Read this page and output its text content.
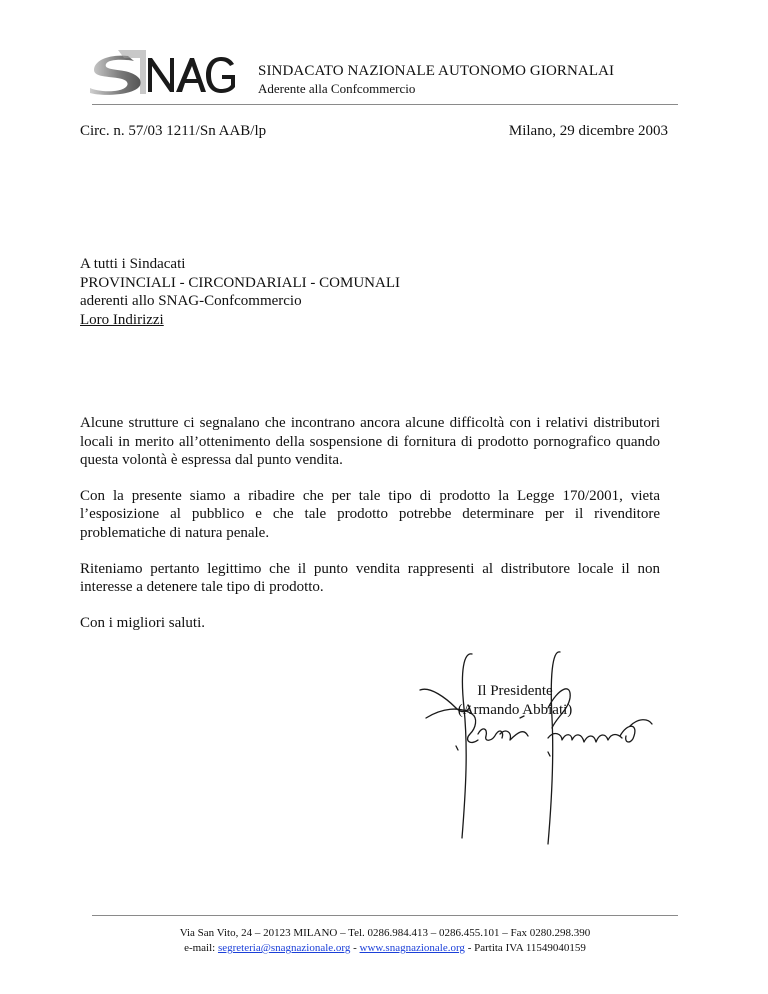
SINDACATO NAZIONALE AUTONOMO GIORNALAI
Aderente alla Confcommercio
Circ. n. 57/03 1211/Sn AAB/lp	Milano, 29 dicembre 2003
A tutti i Sindacati
PROVINCIALI - CIRCONDARIALI - COMUNALI
aderenti allo SNAG-Confcommercio
Loro Indirizzi

Alcune strutture ci segnalano che incontrano ancora alcune difficoltà con i relativi distributori locali in merito all’ottenimento della sospensione di fornitura di prodotto pornografico quando questa volontà è espressa dal punto vendita.

Con la presente siamo a ribadire che per tale tipo di prodotto la Legge 170/2001, vieta l’esposizione al pubblico e che tale prodotto potrebbe determinare per il rivenditore problematiche di natura penale.

Riteniamo pertanto legittimo che il punto vendita rappresenti al distributore locale il non interesse a detenere tale tipo di prodotto.

Con i migliori saluti.

Il Presidente
(Armando Abbiati)
Via San Vito, 24 – 20123 MILANO – Tel. 0286.984.413 – 0286.455.101 – Fax 0280.298.390
e-mail: segreteria@snagnazionale.org - www.snagnazionale.org - Partita IVA 11549040159
